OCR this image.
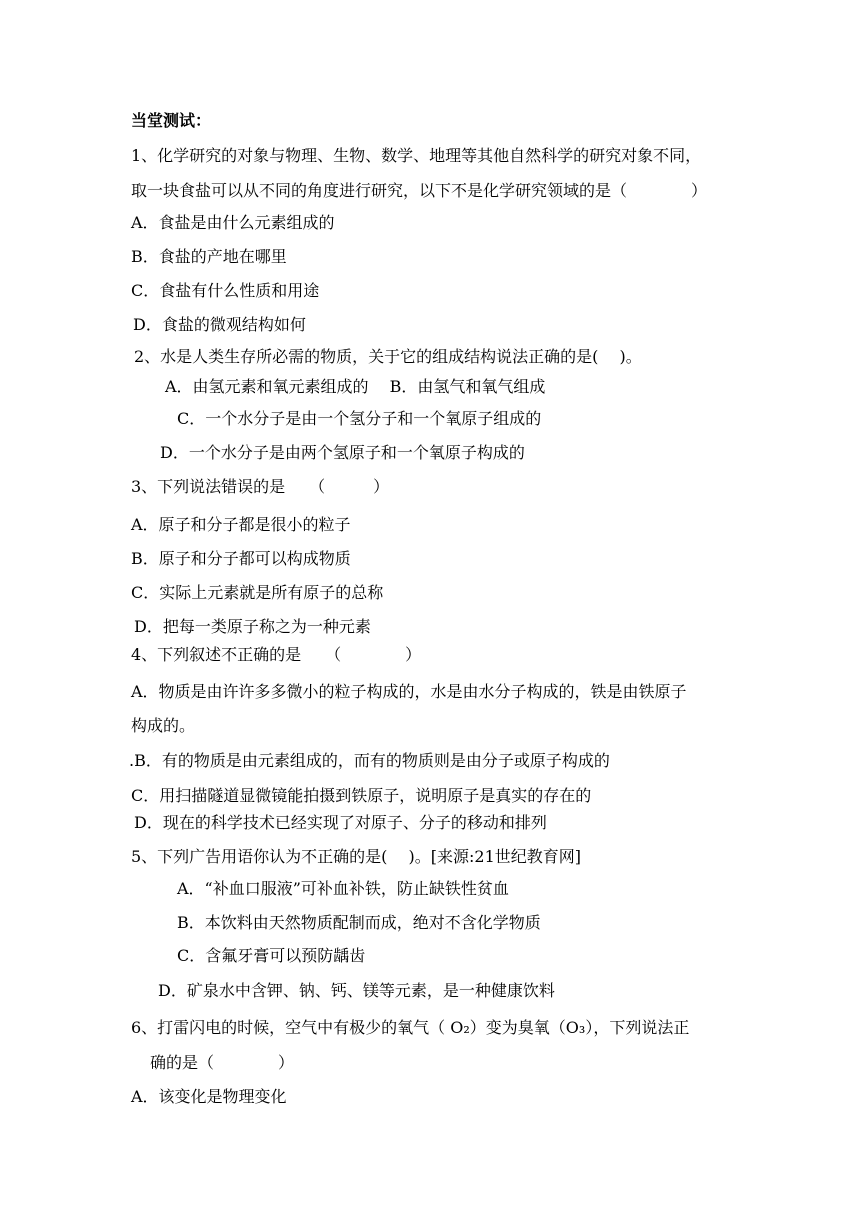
当堂测试：
1、化学研究的对象与物理、生物、数学、地理等其他自然科学的研究对象不同，
取一块食盐可以从不同的角度进行研究，以下不是化学研究领域的是（　　　　）
A．食盐是由什么元素组成的
B．食盐的产地在哪里
C．食盐有什么性质和用途
D．食盐的微观结构如何
2、水是人类生存所必需的物质，关于它的组成结构说法正确的是(　 )。
A．由氢元素和氧元素组成的　 B．由氢气和氧气组成
C．一个水分子是由一个氢分子和一个氧原子组成的
D．一个水分子是由两个氢原子和一个氧原子构成的
3、下列说法错误的是　　（　　　）
A．原子和分子都是很小的粒子
B．原子和分子都可以构成物质
C．实际上元素就是所有原子的总称
D．把每一类原子称之为一种元素
4、下列叙述不正确的是　　（　　　　）
A．物质是由许许多多微小的粒子构成的，水是由水分子构成的，铁是由铁原子
构成的。
.B．有的物质是由元素组成的，而有的物质则是由分子或原子构成的
C．用扫描隧道显微镜能拍摄到铁原子，说明原子是真实的存在的
D．现在的科学技术已经实现了对原子、分子的移动和排列
5、下列广告用语你认为不正确的是(　 )。[来源:21世纪教育网]
A．“补血口服液”可补血补铁，防止缺铁性贫血
B．本饮料由天然物质配制而成，绝对不含化学物质
C．含氟牙膏可以预防龋齿
D．矿泉水中含钾、钠、钙、镁等元素，是一种健康饮料
6、打雷闪电的时候，空气中有极少的氧气（ O₂）变为臭氧（O₃），下列说法正
确的是（　　　　）
A．该变化是物理变化
